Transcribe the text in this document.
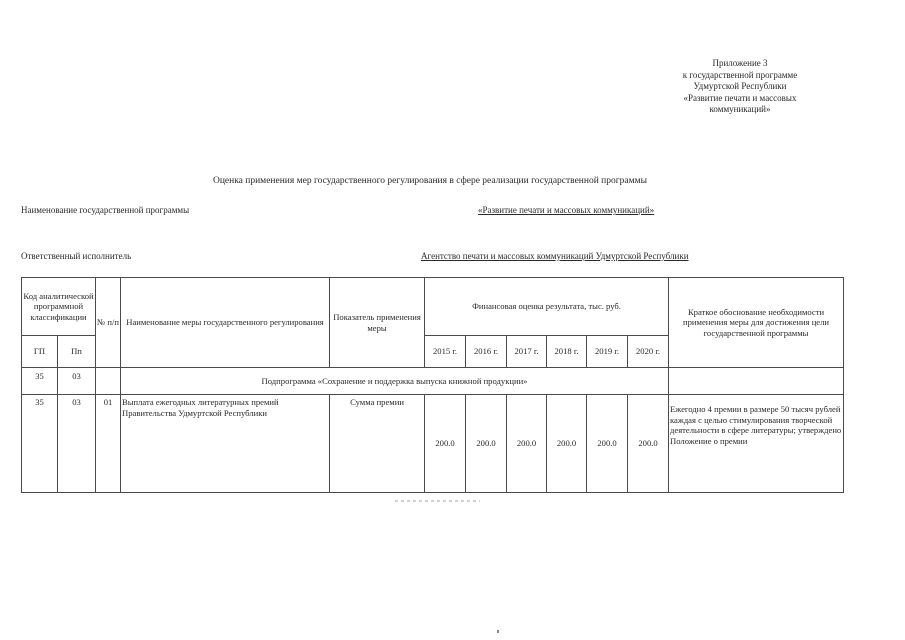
Приложение 3
к государственной программе
Удмуртской Республики
«Развитие печати и массовых
коммуникаций»
Оценка применения мер государственного регулирования в сфере реализации государственной программы
Наименование государственной программы	«Развитие печати и массовых коммуникаций»
Ответственный исполнитель	Агентство печати и массовых коммуникаций Удмуртской Республики
Код аналитической программной классификации		№ п/п	Наименование меры государственного регулирования	Показатель применения меры	Финансовая оценка результата, тыс. руб.						Краткое обоснование необходимости применения меры для достижения цели государственной программы
ГП	Пп				2015 г.	2016 г.	2017 г.	2018 г.	2019 г.	2020 г.	
35	03		Подпрограмма «Сохранение и поддержка выпуска книжной продукции»								
35	03	01	Выплата ежегодных литературных премий Правительства Удмуртской Республики	Сумма премии	200.0	200.0	200.0	200.0	200.0	200.0	Ежегодно 4 премии в размере 50 тысяч рублей каждая с целью стимулирования творческой деятельности в сфере литературы; утверждено Положение о премии
